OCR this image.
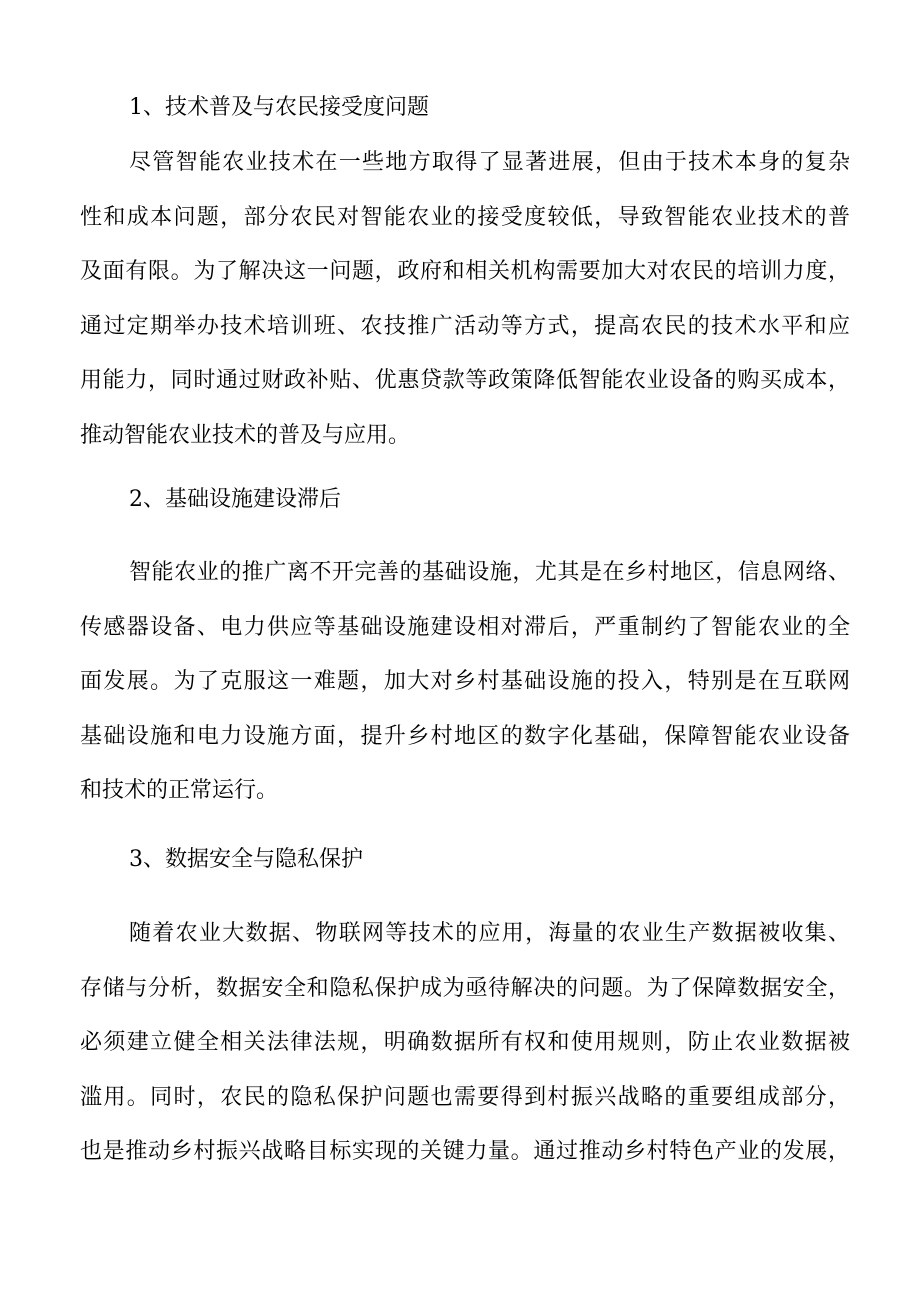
1、技术普及与农民接受度问题
尽管智能农业技术在一些地方取得了显著进展，但由于技术本身的复杂
性和成本问题，部分农民对智能农业的接受度较低，导致智能农业技术的普
及面有限。为了解决这一问题，政府和相关机构需要加大对农民的培训力度，
通过定期举办技术培训班、农技推广活动等方式，提高农民的技术水平和应
用能力，同时通过财政补贴、优惠贷款等政策降低智能农业设备的购买成本，
推动智能农业技术的普及与应用。
2、基础设施建设滞后
智能农业的推广离不开完善的基础设施，尤其是在乡村地区，信息网络、
传感器设备、电力供应等基础设施建设相对滞后，严重制约了智能农业的全
面发展。为了克服这一难题，加大对乡村基础设施的投入，特别是在互联网
基础设施和电力设施方面，提升乡村地区的数字化基础，保障智能农业设备
和技术的正常运行。
3、数据安全与隐私保护
随着农业大数据、物联网等技术的应用，海量的农业生产数据被收集、
存储与分析，数据安全和隐私保护成为亟待解决的问题。为了保障数据安全，
必须建立健全相关法律法规，明确数据所有权和使用规则，防止农业数据被
滥用。同时，农民的隐私保护问题也需要得到村振兴战略的重要组成部分，
也是推动乡村振兴战略目标实现的关键力量。通过推动乡村特色产业的发展，
